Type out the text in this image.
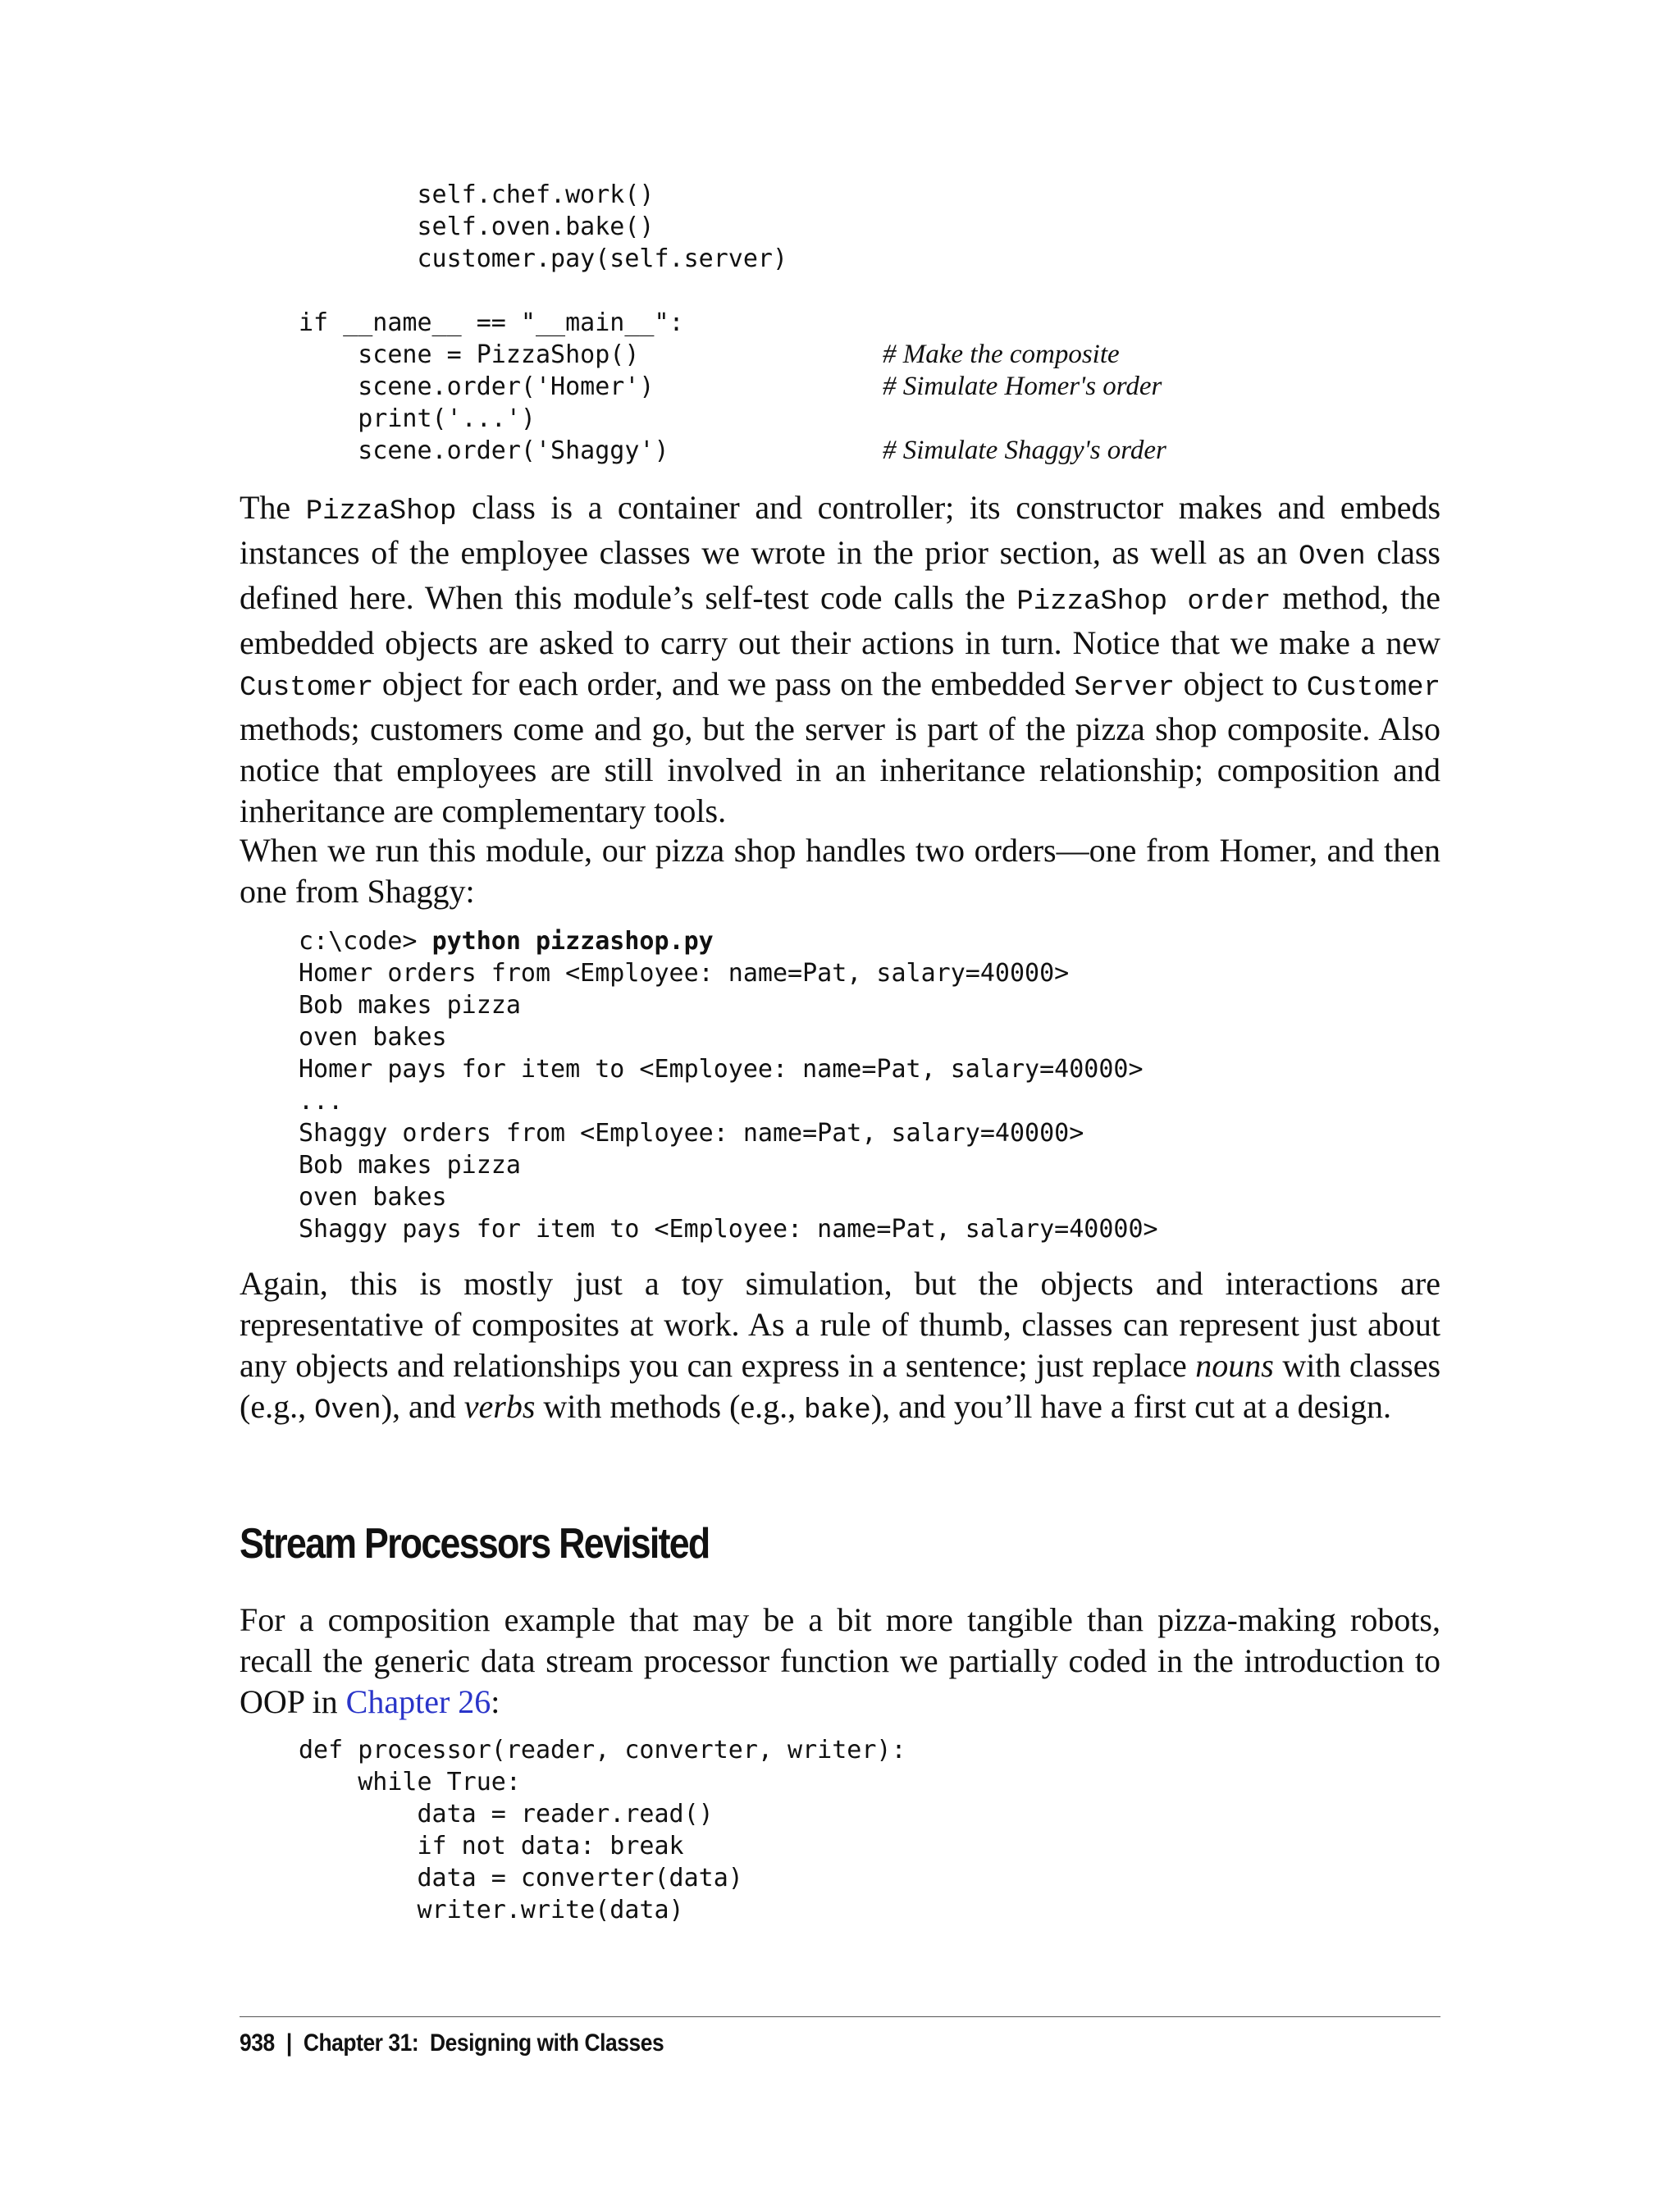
self.chef.work()
self.oven.bake()
customer.pay(self.server)

if __name__ == "__main__":
scene = PizzaShop()
scene.order('Homer')
print('...')
scene.order('Shaggy')
# Make the composite
# Simulate Homer's order

# Simulate Shaggy's order

The PizzaShop class is a container and controller; its constructor makes and embeds instances of the employee classes we wrote in the prior section, as well as an Oven class defined here. When this module’s self-test code calls the PizzaShop order method, the embedded objects are asked to carry out their actions in turn. Notice that we make a new Customer object for each order, and we pass on the embedded Server object to Customer methods; customers come and go, but the server is part of the pizza shop composite. Also notice that employees are still involved in an inheritance relationship; composition and inheritance are complementary tools.

When we run this module, our pizza shop handles two orders—one from Homer, and then one from Shaggy:

c:\code> python pizzashop.py
Homer orders from <Employee: name=Pat, salary=40000>
Bob makes pizza
oven bakes
Homer pays for item to <Employee: name=Pat, salary=40000>
...
Shaggy orders from <Employee: name=Pat, salary=40000>
Bob makes pizza
oven bakes
Shaggy pays for item to <Employee: name=Pat, salary=40000>

Again, this is mostly just a toy simulation, but the objects and interactions are representative of composites at work. As a rule of thumb, classes can represent just about any objects and relationships you can express in a sentence; just replace nouns with classes (e.g., Oven), and verbs with methods (e.g., bake), and you’ll have a first cut at a design.

Stream Processors Revisited

For a composition example that may be a bit more tangible than pizza-making robots, recall the generic data stream processor function we partially coded in the introduction to OOP in Chapter 26:

def processor(reader, converter, writer):
while True:
data = reader.read()
if not data: break
data = converter(data)
writer.write(data)
938 | Chapter 31:  Designing with Classes
